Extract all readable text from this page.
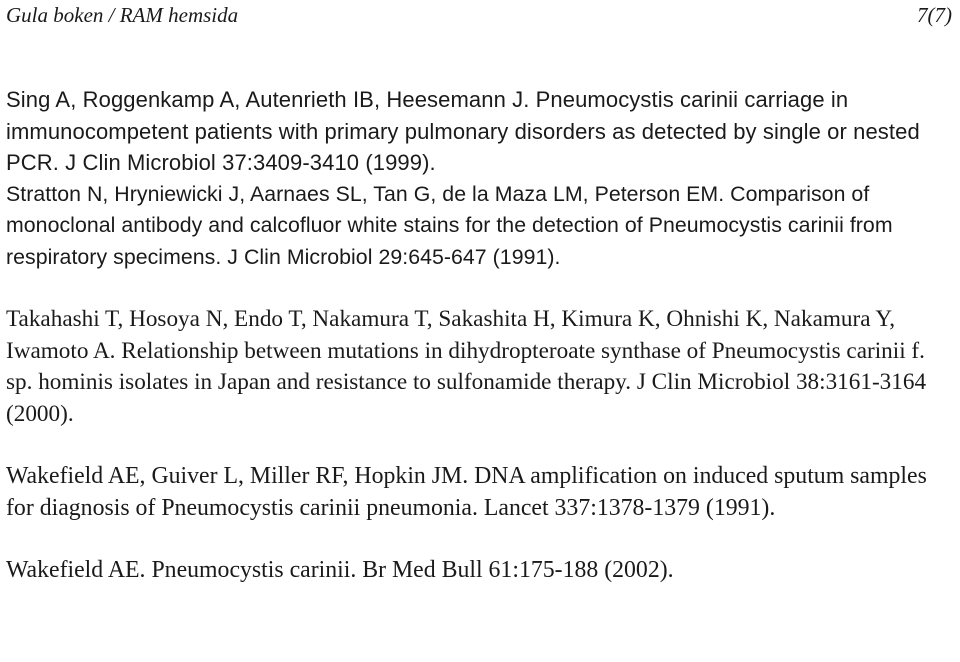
Gula boken / RAM hemsida	7(7)

Sing A, Roggenkamp A, Autenrieth IB, Heesemann J. Pneumocystis carinii carriage in immunocompetent patients with primary pulmonary disorders as detected by single or nested PCR. J Clin Microbiol 37:3409-3410 (1999).

Stratton N, Hryniewicki J, Aarnaes SL, Tan G, de la Maza LM, Peterson EM. Comparison of monoclonal antibody and calcofluor white stains for the detection of Pneumocystis carinii from respiratory specimens. J Clin Microbiol 29:645-647 (1991).

Takahashi T, Hosoya N, Endo T, Nakamura T, Sakashita H, Kimura K, Ohnishi K, Nakamura Y, Iwamoto A. Relationship between mutations in dihydropteroate synthase of Pneumocystis carinii f. sp. hominis isolates in Japan and resistance to sulfonamide therapy. J Clin Microbiol 38:3161-3164 (2000).

Wakefield AE, Guiver L, Miller RF, Hopkin JM. DNA amplification on induced sputum samples for diagnosis of Pneumocystis carinii pneumonia. Lancet 337:1378-1379 (1991).

Wakefield AE. Pneumocystis carinii. Br Med Bull 61:175-188 (2002).
